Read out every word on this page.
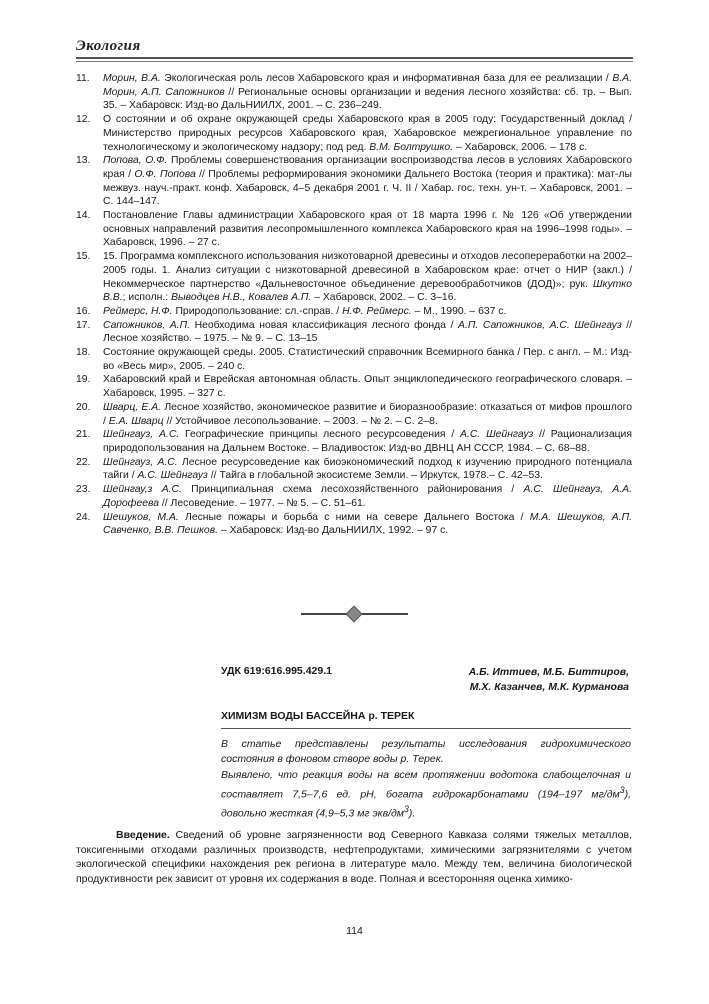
Экология
11.	Морин, В.А. Экологическая роль лесов Хабаровского края и информативная база для ее реализации / В.А. Морин, А.П. Сапожников // Региональные основы организации и ведения лесного хозяйства: сб. тр. – Вып. 35. – Хабаровск: Изд-во ДальНИИЛХ, 2001. – С. 236–249.
12.	О состоянии и об охране окружающей среды Хабаровского края в 2005 году: Государственный доклад / Министерство природных ресурсов Хабаровского края, Хабаровское межрегиональное управление по технологическому и экологическому надзору; под ред. В.М. Болтрушко. – Хабаровск, 2006. – 178 с.
13.	Попова, О.Ф. Проблемы совершенствования организации воспроизводства лесов в условиях Хабаровского края / О.Ф. Попова // Проблемы реформирования экономики Дальнего Востока (теория и практика): мат-лы межвуз. науч.-практ. конф. Хабаровск, 4–5 декабря 2001 г. Ч. II / Хабар. гос. техн. ун-т. – Хабаровск, 2001. – С. 144–147.
14.	Постановление Главы администрации Хабаровского края от 18 марта 1996 г. № 126 «Об утверждении основных направлений развития лесопромышленного комплекса Хабаровского края на 1996–1998 годы». – Хабаровск, 1996. – 27 с.
15.	15. Программа комплексного использования низкотоварной древесины и отходов лесопереработки на 2002–2005 годы. 1. Анализ ситуации с низкотоварной древесиной в Хабаровском крае: отчет о НИР (закл.) / Некоммерческое партнерство «Дальневосточное объединение деревообработчиков (ДОД)»; рук. Шкутко В.В.; исполн.: Выводцев Н.В., Ковалев А.П. – Хабаровск, 2002. – С. 3–16.
16.	Реймерс, Н.Ф. Природопользование: сл.-справ. / Н.Ф. Реймерс. – М., 1990. – 637 с.
17.	Сапожников, А.П. Необходима новая классификация лесного фонда / А.П. Сапожников, А.С. Шейнгауз // Лесное хозяйство. – 1975. – № 9. – С. 13–15
18.	Состояние окружающей среды. 2005. Статистический справочник Всемирного банка / Пер. с англ. – М.: Изд-во «Весь мир», 2005. – 240 с.
19.	Хабаровский край и Еврейская автономная область. Опыт энциклопедического географического словаря. – Хабаровск, 1995. – 327 с.
20.	Шварц, Е.А. Лесное хозяйство, экономическое развитие и биоразнообразие: отказаться от мифов прошлого / Е.А. Шварц // Устойчивое лесопользование. – 2003. – № 2. – С. 2–8.
21.	Шейнгауз, А.С. Географические принципы лесного ресурсоведения / А.С. Шейнгауз // Рационализация природопользования на Дальнем Востоке. – Владивосток: Изд-во ДВНЦ АН СССР, 1984. – С. 68–88.
22.	Шейнгауз, А.С. Лесное ресурсоведение как биоэкономический подход к изучению природного потенциала тайги / А.С. Шейнгауз // Тайга в глобальной экосистеме Земли. – Иркутск, 1978.– С. 42–53.
23.	Шейнгау,з А.С. Принципиальная схема лесохозяйственного районирования / А.С. Шейнгауз, А.А. Дорофеева // Лесоведение. – 1977. – № 5. – С. 51–61.
24.	Шешуков, М.А. Лесные пожары и борьба с ними на севере Дальнего Востока / М.А. Шешуков, А.П. Савченко, В.В. Пешков. – Хабаровск: Изд-во ДальНИИЛХ, 1992. – 97 с.
УДК 619:616.995.429.1	А.Б. Иттиев, М.Б. Биттиров,
М.Х. Казанчев, М.К. Курманова
ХИМИЗМ ВОДЫ БАССЕЙНА р. ТЕРЕК

В статье представлены результаты исследования гидрохимического состояния в фоновом створе воды р. Терек.

Выявлено, что реакция воды на всем протяжении водотока слабощелочная и составляет 7,5–7,6 ед. рН, богата гидрокарбонатами (194–197 $мг/дм^3$), довольно жесткая (4,9–5,3 мг экв/$дм^3$).

Введение. Сведений об уровне загрязненности вод Северного Кавказа солями тяжелых металлов, токсигенными отходами различных производств, нефтепродуктами, химическими загрязнителями с учетом экологической специфики нахождения рек региона в литературе мало. Между тем, величина биологической продуктивности рек зависит от уровня их содержания в воде. Полная и всесторонняя оценка химико-
114
